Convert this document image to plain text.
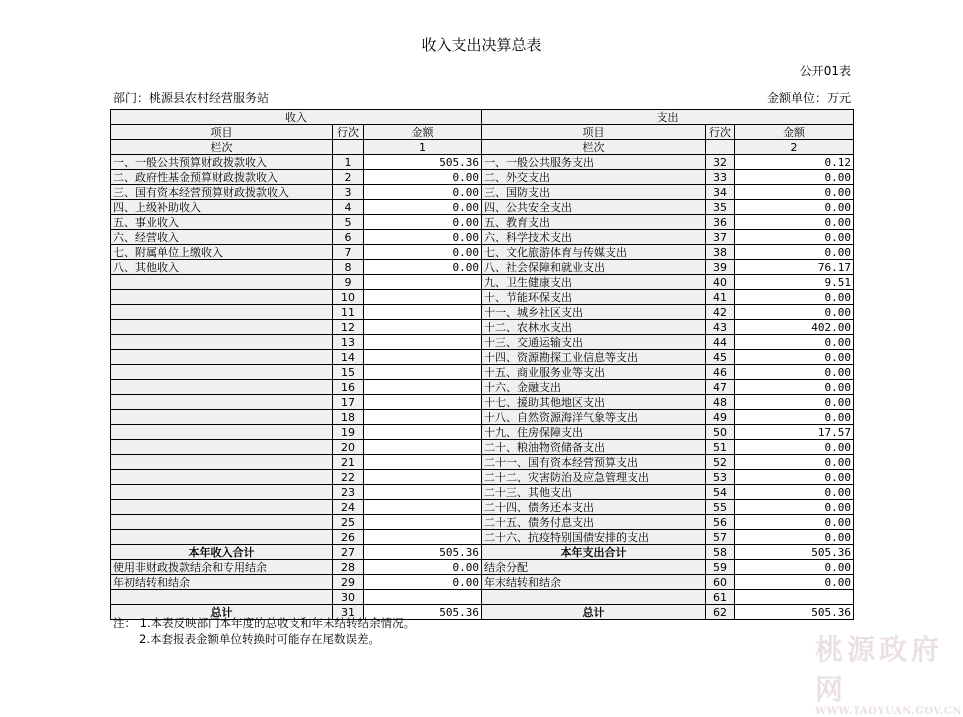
收入支出决算总表
公开01表
部门：桃源县农村经营服务站	金额单位：万元
收入			支出		
项目	行次	金额	项目	行次	金额
栏次		1	栏次		2
一、一般公共预算财政拨款收入	1	505.36	一、一般公共服务支出	32	0.12
二、政府性基金预算财政拨款收入	2	0.00	二、外交支出	33	0.00
三、国有资本经营预算财政拨款收入	3	0.00	三、国防支出	34	0.00
四、上级补助收入	4	0.00	四、公共安全支出	35	0.00
五、事业收入	5	0.00	五、教育支出	36	0.00
六、经营收入	6	0.00	六、科学技术支出	37	0.00
七、附属单位上缴收入	7	0.00	七、文化旅游体育与传媒支出	38	0.00
八、其他收入	8	0.00	八、社会保障和就业支出	39	76.17
	9		九、卫生健康支出	40	9.51
	10		十、节能环保支出	41	0.00
	11		十一、城乡社区支出	42	0.00
	12		十二、农林水支出	43	402.00
	13		十三、交通运输支出	44	0.00
	14		十四、资源勘探工业信息等支出	45	0.00
	15		十五、商业服务业等支出	46	0.00
	16		十六、金融支出	47	0.00
	17		十七、援助其他地区支出	48	0.00
	18		十八、自然资源海洋气象等支出	49	0.00
	19		十九、住房保障支出	50	17.57
	20		二十、粮油物资储备支出	51	0.00
	21		二十一、国有资本经营预算支出	52	0.00
	22		二十二、灾害防治及应急管理支出	53	0.00
	23		二十三、其他支出	54	0.00
	24		二十四、债务还本支出	55	0.00
	25		二十五、债务付息支出	56	0.00
	26		二十六、抗疫特别国债安排的支出	57	0.00
本年收入合计	27	505.36	本年支出合计	58	505.36
使用非财政拨款结余和专用结余	28	0.00	结余分配	59	0.00
年初结转和结余	29	0.00	年末结转和结余	60	0.00
	30			61	
总计	31	505.36	总计	62	505.36
注： 1.本表反映部门本年度的总收支和年末结转结余情况。
2.本套报表金额单位转换时可能存在尾数误差。	桃源政府网
WWW.TAOYUAN.GOV.CN
